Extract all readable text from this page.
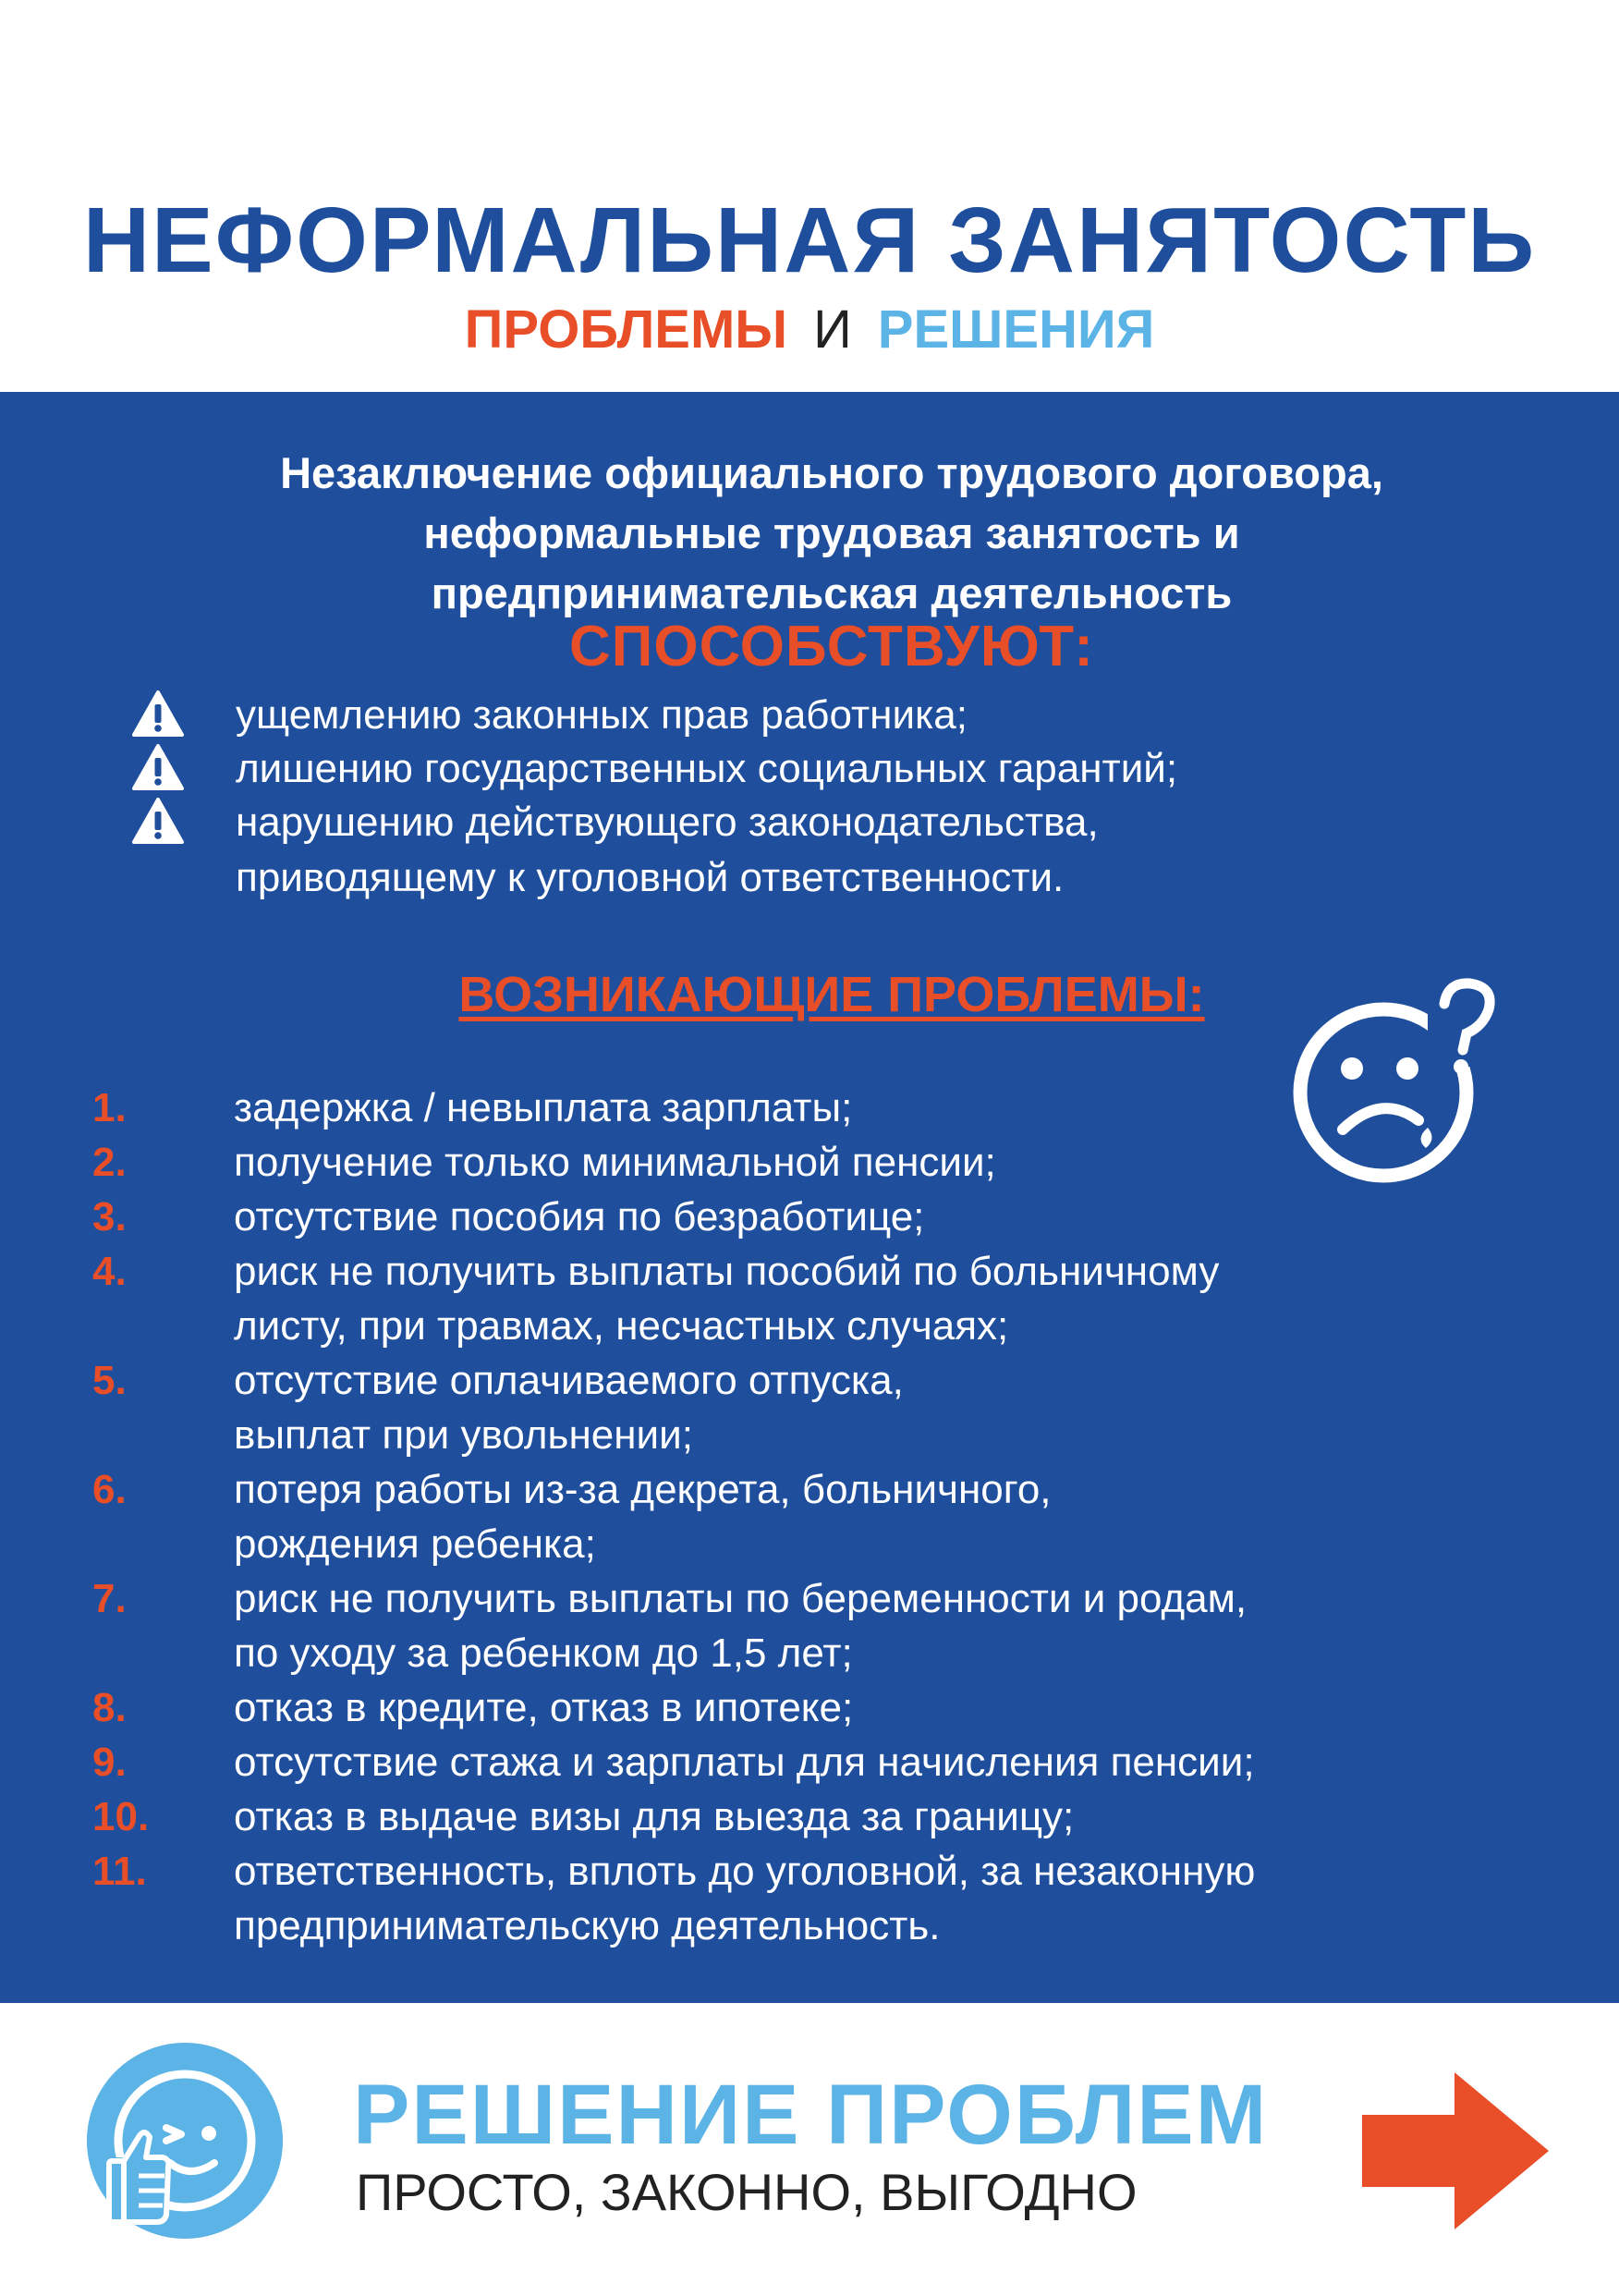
НЕФОРМАЛЬНАЯ ЗАНЯТОСТЬ
ПРОБЛЕМЫ И РЕШЕНИЯ
Незаключение официального трудового договора,
неформальные трудовая занятость и
предпринимательская деятельность
СПОСОБСТВУЮТ:
ущемлению законных прав работника;
лишению государственных социальных гарантий;
нарушению действующего законодательства,
приводящему к уголовной ответственности.
ВОЗНИКАЮЩИЕ ПРОБЛЕМЫ:
1.	задержка / невыплата зарплаты;
2.	получение только минимальной пенсии;
3.	отсутствие пособия по безработице;
4.	риск не получить выплаты пособий по больничному
листу, при травмах, несчастных случаях;
5.	отсутствие оплачиваемого отпуска,
выплат при увольнении;
6.	потеря работы из-за декрета, больничного,
рождения ребенка;
7.	риск не получить выплаты по беременности и родам,
по уходу за ребенком до 1,5 лет;
8.	отказ в кредите, отказ в ипотеке;
9.	отсутствие стажа и зарплаты для начисления пенсии;
10. отказ в выдаче визы для выезда за границу;
11. ответственность, вплоть до уголовной, за незаконную
предпринимательскую деятельность.
РЕШЕНИЕ ПРОБЛЕМ
ПРОСТО, ЗАКОННО, ВЫГОДНО
